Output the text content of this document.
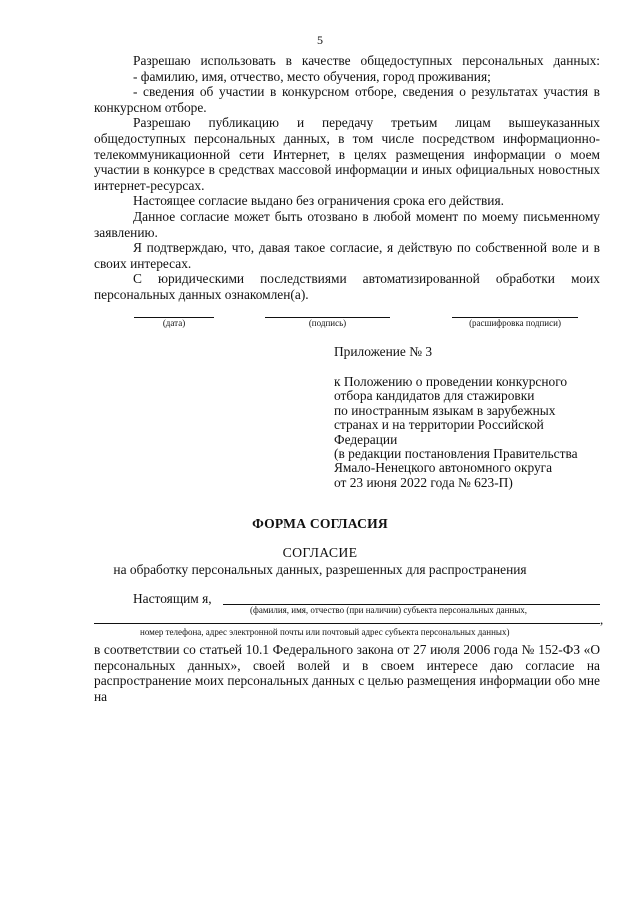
5

Разрешаю использовать в качестве общедоступных персональных данных:

- фамилию, имя, отчество, место обучения, город проживания;

- сведения об участии в конкурсном отборе, сведения о результатах участия в конкурсном отборе.

Разрешаю публикацию и передачу третьим лицам вышеуказанных общедоступных персональных данных, в том числе посредством информационно-телекоммуникационной сети Интернет, в целях размещения информации о моем участии в конкурсе в средствах массовой информации и иных официальных новостных интернет-ресурсах.

Настоящее согласие выдано без ограничения срока его действия.

Данное согласие может быть отозвано в любой момент по моему письменному заявлению.

Я подтверждаю, что, давая такое согласие, я действую по собственной воле и в своих интересах.

С юридическими последствиями автоматизированной обработки моих персональных данных ознакомлен(а).

(дата)	(подпись)	(расшифровка подписи)
Приложение № 3

к Положению о проведении конкурсного

отбора кандидатов для стажировки

по иностранным языкам в зарубежных

странах и на территории Российской

Федерации

(в редакции постановления Правительства

Ямало-Ненецкого автономного округа

от 23 июня 2022 года № 623-П)

ФОРМА СОГЛАСИЯ
СОГЛАСИЕ
на обработку персональных данных, разрешенных для распространения
Настоящим я,
(фамилия, имя, отчество (при наличии) субъекта персональных данных,
,
номер телефона, адрес электронной почты или почтовый адрес субъекта персональных данных)

в соответствии со статьей 10.1 Федерального закона от 27 июля 2006 года № 152-ФЗ «О персональных данных», своей волей и в своем интересе даю согласие на распространение моих персональных данных с целью размещения информации обо мне на
